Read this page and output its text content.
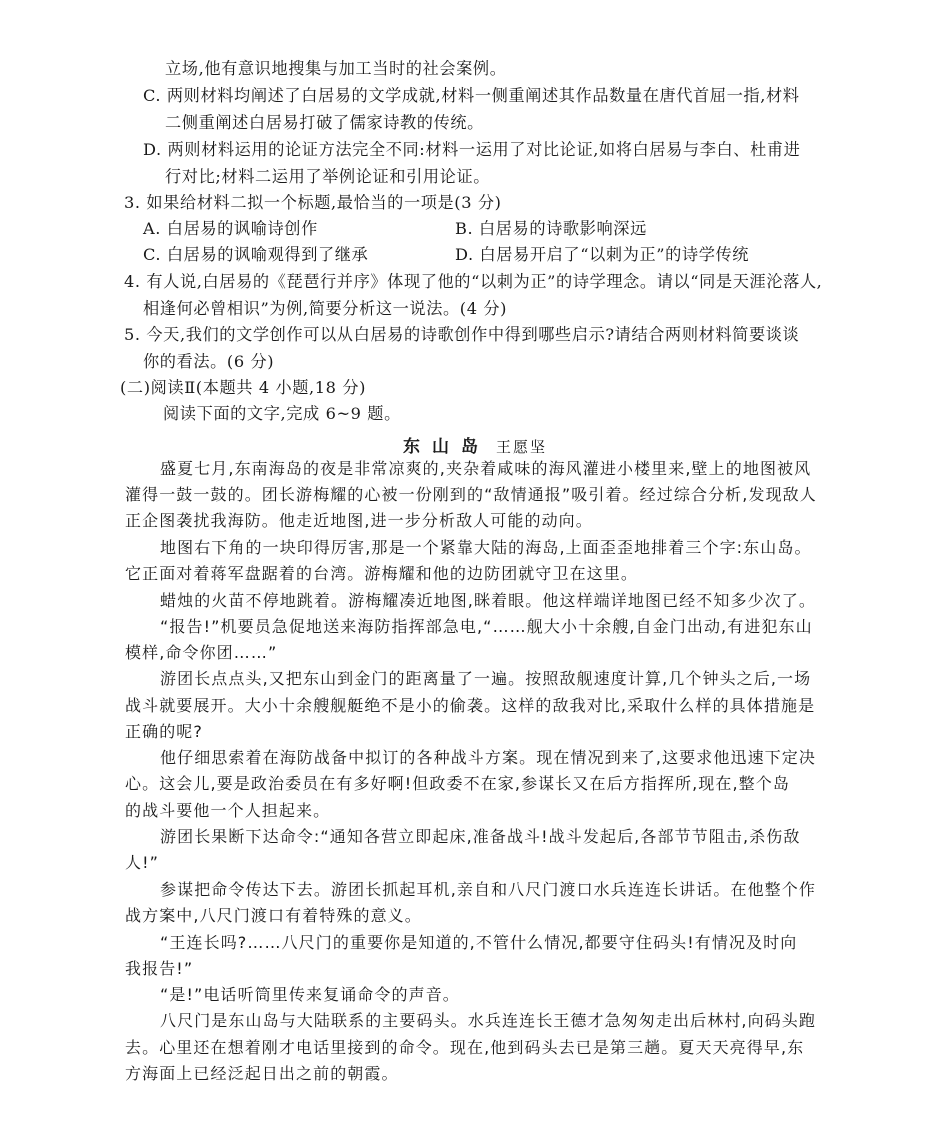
立场,他有意识地搜集与加工当时的社会案例。
C. 两则材料均阐述了白居易的文学成就,材料一侧重阐述其作品数量在唐代首屈一指,材料
二侧重阐述白居易打破了儒家诗教的传统。
D. 两则材料运用的论证方法完全不同:材料一运用了对比论证,如将白居易与李白、杜甫进
行对比;材料二运用了举例论证和引用论证。
3. 如果给材料二拟一个标题,最恰当的一项是(3 分)
A. 白居易的讽喻诗创作	B. 白居易的诗歌影响深远
C. 白居易的讽喻观得到了继承	D. 白居易开启了“以刺为正”的诗学传统
4. 有人说,白居易的《琵琶行并序》体现了他的“以刺为正”的诗学理念。请以“同是天涯沦落人,
相逢何必曾相识”为例,简要分析这一说法。(4 分)
5. 今天,我们的文学创作可以从白居易的诗歌创作中得到哪些启示?请结合两则材料简要谈谈
你的看法。(6 分)
(二)阅读Ⅱ(本题共 4 小题,18 分)
阅读下面的文字,完成 6~9 题。
东山岛 王愿坚
盛夏七月,东南海岛的夜是非常凉爽的,夹杂着咸味的海风灌进小楼里来,壁上的地图被风
灌得一鼓一鼓的。团长游梅耀的心被一份刚到的“敌情通报”吸引着。经过综合分析,发现敌人
正企图袭扰我海防。他走近地图,进一步分析敌人可能的动向。
地图右下角的一块印得厉害,那是一个紧靠大陆的海岛,上面歪歪地排着三个字:东山岛。
它正面对着蒋军盘踞着的台湾。游梅耀和他的边防团就守卫在这里。
蜡烛的火苗不停地跳着。游梅耀凑近地图,眯着眼。他这样端详地图已经不知多少次了。
“报告!”机要员急促地送来海防指挥部急电,“……舰大小十余艘,自金门出动,有进犯东山
模样,命令你团……”
游团长点点头,又把东山到金门的距离量了一遍。按照敌舰速度计算,几个钟头之后,一场
战斗就要展开。大小十余艘舰艇绝不是小的偷袭。这样的敌我对比,采取什么样的具体措施是
正确的呢?
他仔细思索着在海防战备中拟订的各种战斗方案。现在情况到来了,这要求他迅速下定决
心。这会儿,要是政治委员在有多好啊!但政委不在家,参谋长又在后方指挥所,现在,整个岛
的战斗要他一个人担起来。
游团长果断下达命令:“通知各营立即起床,准备战斗!战斗发起后,各部节节阻击,杀伤敌
人!”
参谋把命令传达下去。游团长抓起耳机,亲自和八尺门渡口水兵连连长讲话。在他整个作
战方案中,八尺门渡口有着特殊的意义。
“王连长吗?……八尺门的重要你是知道的,不管什么情况,都要守住码头!有情况及时向
我报告!”
“是!”电话听筒里传来复诵命令的声音。
八尺门是东山岛与大陆联系的主要码头。水兵连连长王德才急匆匆走出后林村,向码头跑
去。心里还在想着刚才电话里接到的命令。现在,他到码头去已是第三趟。夏天天亮得早,东
方海面上已经泛起日出之前的朝霞。
